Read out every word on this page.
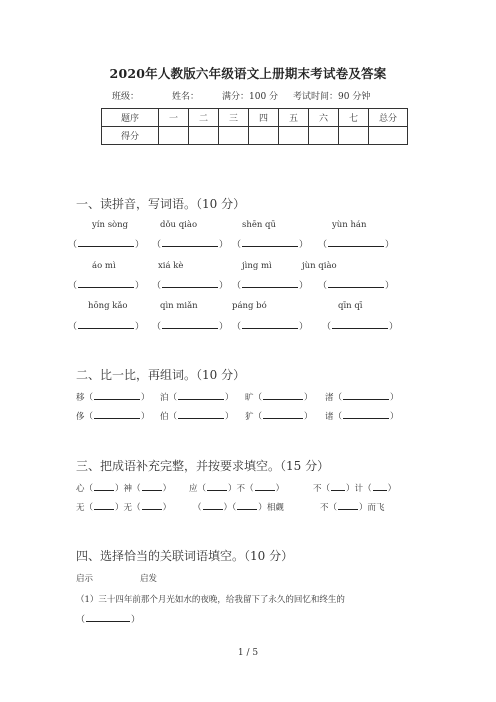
2020年人教版六年级语文上册期末考试卷及答案
班级：	姓名：	满分：100 分 考试时间：90 分钟
题序	一	二	三	四	五	六	七	总分
得分								
一、读拼音，写词语。（10 分）
yín sòng	dǒu qiào	shēn qū	yùn hán
（	） （	） （	） （	）
áo mì	xiá kè	jìng mì	jùn qiào
（	） （	） （	） （	）
hōng kǎo	qìn miǎn	páng bó	qīn qī
（	） （	） （	） （	）
二、比一比，再组词。（10 分）
移（	） 泊（	） 旷（	） 渚（	）
侈（	） 伯（	） 犷（	） 诸（	）
三、把成语补充完整，并按要求填空。（15 分）
心（	）神（	） 应（	）不（	）	不（ ）计（ ）
无（	）无（	）	（	）（	）相觑	不（	）而飞
四、选择恰当的关联词语填空。（10 分）
启示	启发
（1）三十四年前那个月光如水的夜晚，给我留下了永久的回忆和终生的
（	）
1 / 5
